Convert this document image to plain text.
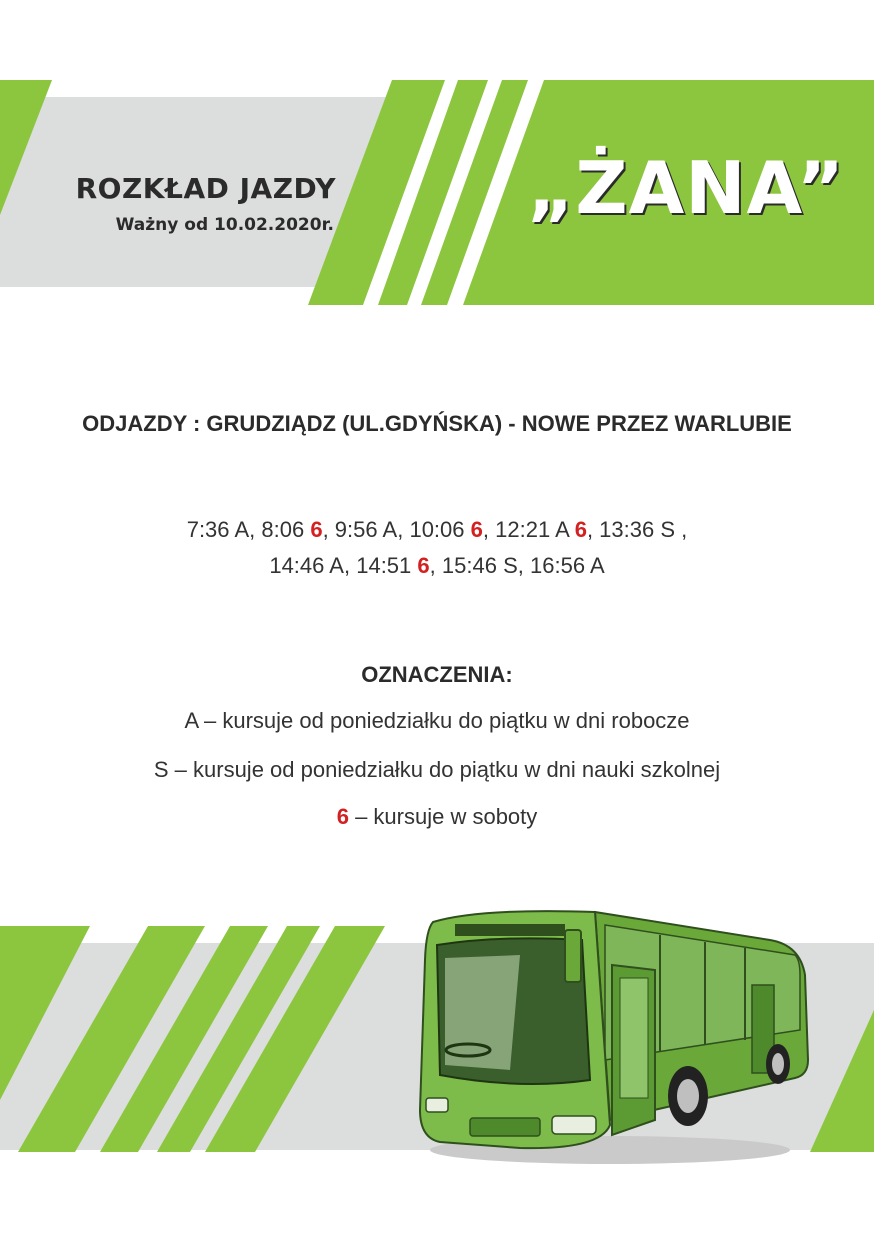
ROZKŁAD JAZDY
Ważny od 10.02.2020r.	„ŻANA”
ODJAZDY : GRUDZIĄDZ (UL.GDYŃSKA) - NOWE PRZEZ WARLUBIE
7:36 A, 8:06 6, 9:56 A, 10:06 6, 12:21 A 6, 13:36 S ,
14:46 A, 14:51 6, 15:46 S, 16:56 A
OZNACZENIA:
A – kursuje od poniedziałku do piątku w dni robocze
S – kursuje od poniedziałku do piątku w dni nauki szkolnej
6 – kursuje w soboty
